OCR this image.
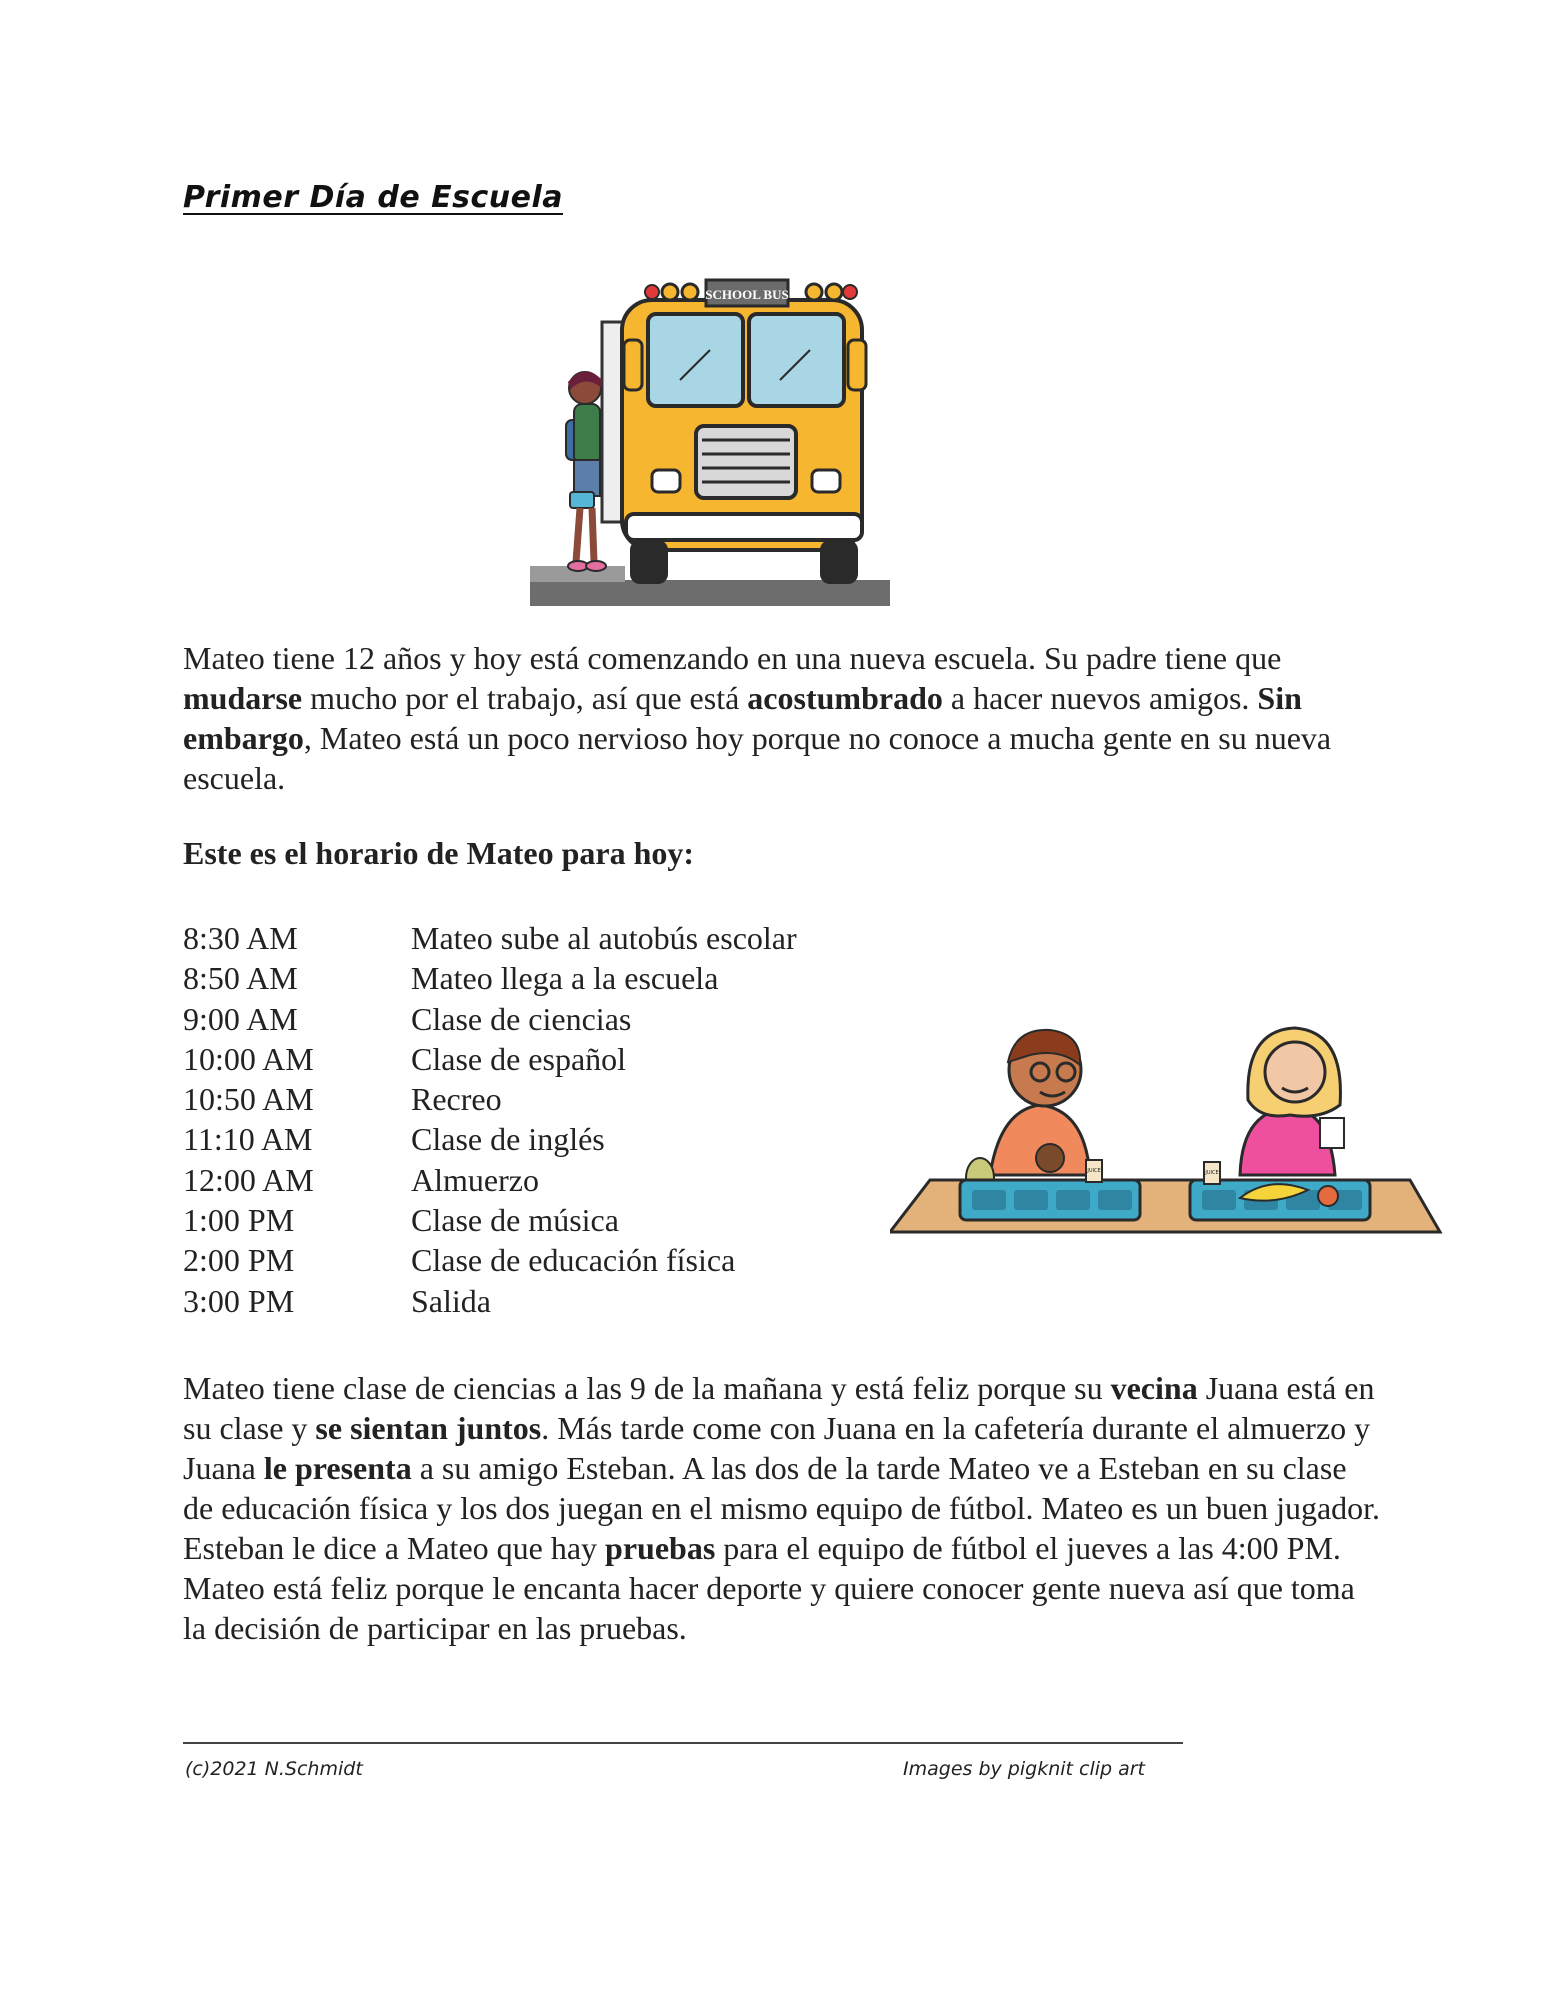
Primer Día de Escuela
SCHOOL BUS

Mateo tiene 12 años y hoy está comenzando en una nueva escuela. Su padre tiene que mudarse mucho por el trabajo, así que está acostumbrado a hacer nuevos amigos. Sin embargo, Mateo está un poco nervioso hoy porque no conoce a mucha gente en su nueva escuela.

Este es el horario de Mateo para hoy:

8:30 AM	Mateo sube al autobús escolar
8:50 AM	Mateo llega a la escuela
9:00 AM	Clase de ciencias
10:00 AM	Clase de español
10:50 AM	Recreo
11:10 AM	Clase de inglés
12:00 AM	Almuerzo
1:00 PM	Clase de música
2:00 PM	Clase de educación física
3:00 PM	Salida
JUICE	JUICE

Mateo tiene clase de ciencias a las 9 de la mañana y está feliz porque su vecina Juana está en su clase y se sientan juntos. Más tarde come con Juana en la cafetería durante el almuerzo y Juana le presenta a su amigo Esteban. A las dos de la tarde Mateo ve a Esteban en su clase de educación física y los dos juegan en el mismo equipo de fútbol. Mateo es un buen jugador. Esteban le dice a Mateo que hay pruebas para el equipo de fútbol el jueves a las 4:00 PM. Mateo está feliz porque le encanta hacer deporte y quiere conocer gente nueva así que toma la decisión de participar en las pruebas.

(c)2021 N.Schmidt	Images by pigknit clip art
